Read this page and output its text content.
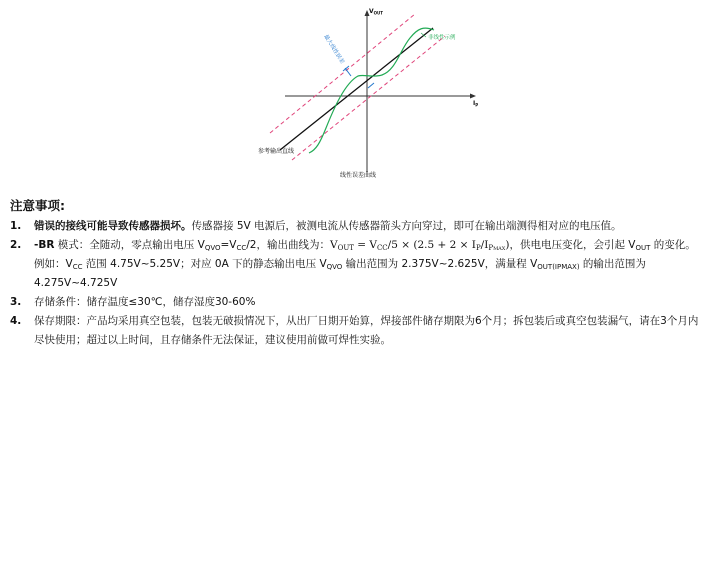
$V_{OUT}$
$I_P$
最大线性误差	非线性示例
参考输出直线
线性误差曲线
注意事项:
1.	错误的接线可能导致传感器损坏。传感器接 5V 电源后，被测电流从传感器箭头方向穿过，即可在输出端测得相对应的电压值。
2.	-BR 模式：全随动，零点输出电压 $V_{QVO}=V_{CC}/2$，输出曲线为：$V_{OUT} = V_{CC}/5 \times (2.5 + 2 \times I_P/I_{PMAX})$，供电电压变化，会引起 $V_{OUT}$ 的变化。
例如：$V_{CC}$ 范围 4.75V~5.25V；对应 0A 下的静态输出电压 $V_{QVO}$ 输出范围为 2.375V~2.625V，满量程 $V_{OUT(IPMAX)}$ 的输出范围为 4.275V~4.725V
3.	存储条件：储存温度≤30℃，储存湿度30-60%
4.	保存期限：产品均采用真空包装，包装无破损情况下，从出厂日期开始算，焊接部件储存期限为6个月；拆包装后或真空包装漏气，请在3个月内尽快使用；超过以上时间，且存储条件无法保证，建议使用前做可焊性实验。
